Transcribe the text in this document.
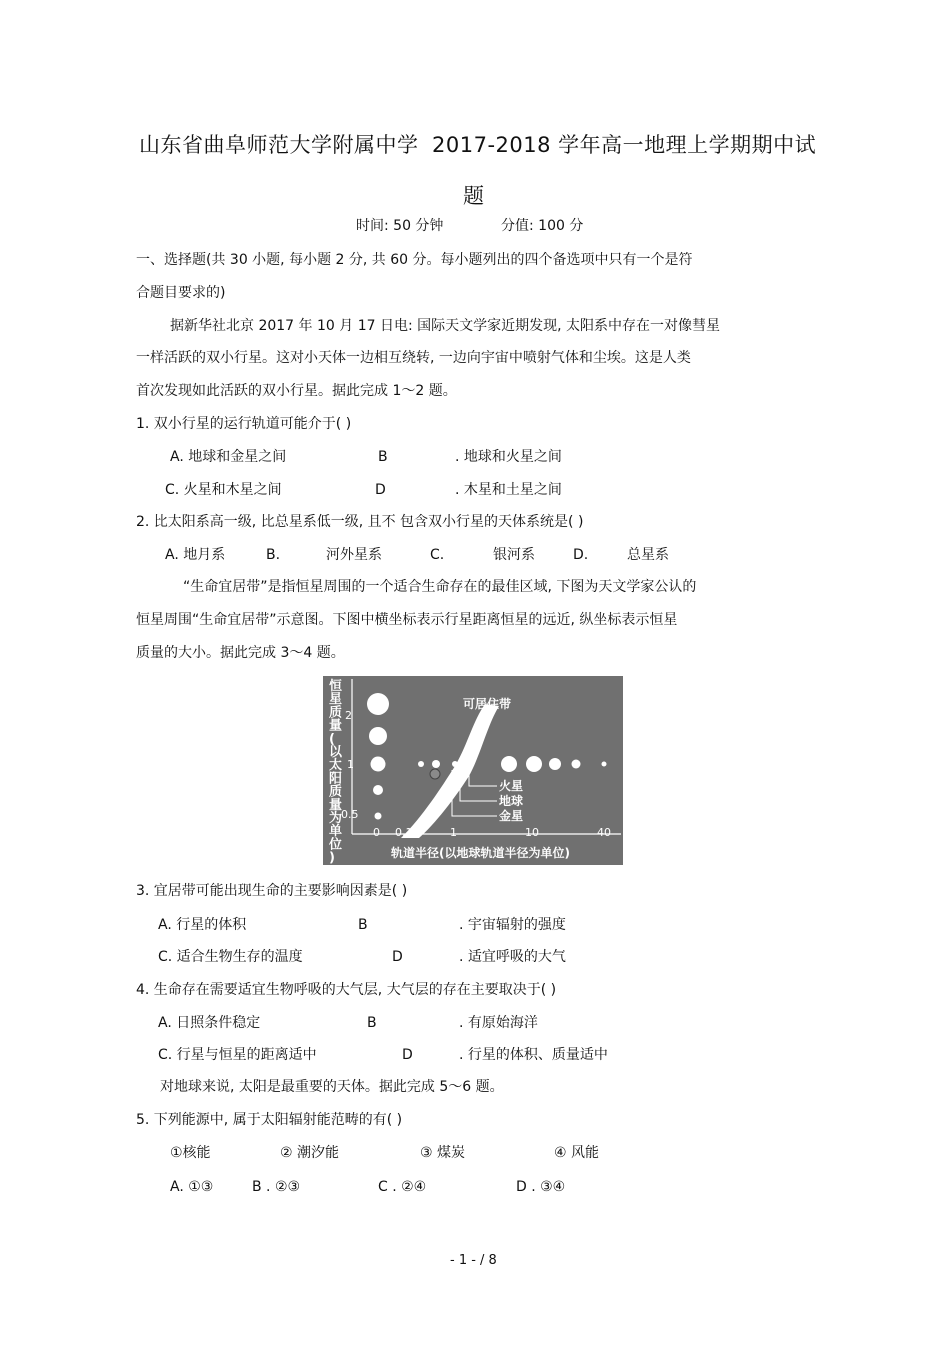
山东省曲阜师范大学附属中学 2017-2018 学年高一地理上学期期中试
题
时间: 50 分钟	分值: 100 分
一、选择题(共 30 小题, 每小题 2 分, 共 60 分。每小题列出的四个备选项中只有一个是符
合题目要求的)
据新华社北京 2017 年 10 月 17 日电: 国际天文学家近期发现, 太阳系中存在一对像彗星
一样活跃的双小行星。这对小天体一边相互绕转, 一边向宇宙中喷射气体和尘埃。这是人类
首次发现如此活跃的双小行星。据此完成 1～2 题。
1. 双小行星的运行轨道可能介于( )
A. 地球和金星之间	B	. 地球和火星之间
C. 火星和木星之间	D	. 木星和土星之间
2. 比太阳系高一级, 比总星系低一级, 且不 包含双小行星的天体系统是( )
A. 地月系	B.	河外星系	C.	银河系	D.	总星系
“生命宜居带”是指恒星周围的一个适合生命存在的最佳区域, 下图为天文学家公认的
恒星周围“生命宜居带”示意图。下图中横坐标表示行星距离恒星的远近, 纵坐标表示恒星
质量的大小。据此完成 3～4 题。
恒星质量(以太阳质量为单位)
2
1
0.5
可居住带
火星
地球
金星
0 0.1	1	10	40
轨道半径(以地球轨道半径为单位)
3. 宜居带可能出现生命的主要影响因素是( )
A. 行星的体积	B	. 宇宙辐射的强度
C. 适合生物生存的温度	D	. 适宜呼吸的大气
4. 生命存在需要适宜生物呼吸的大气层, 大气层的存在主要取决于( )
A. 日照条件稳定	B	. 有原始海洋
C. 行星与恒星的距离适中	D	. 行星的体积、质量适中
对地球来说, 太阳是最重要的天体。据此完成 5～6 题。
5. 下列能源中, 属于太阳辐射能范畴的有( )
①核能	② 潮汐能	③ 煤炭	④ 风能
A. ①③	B . ②③	C . ②④	D . ③④
- 1 - / 8
